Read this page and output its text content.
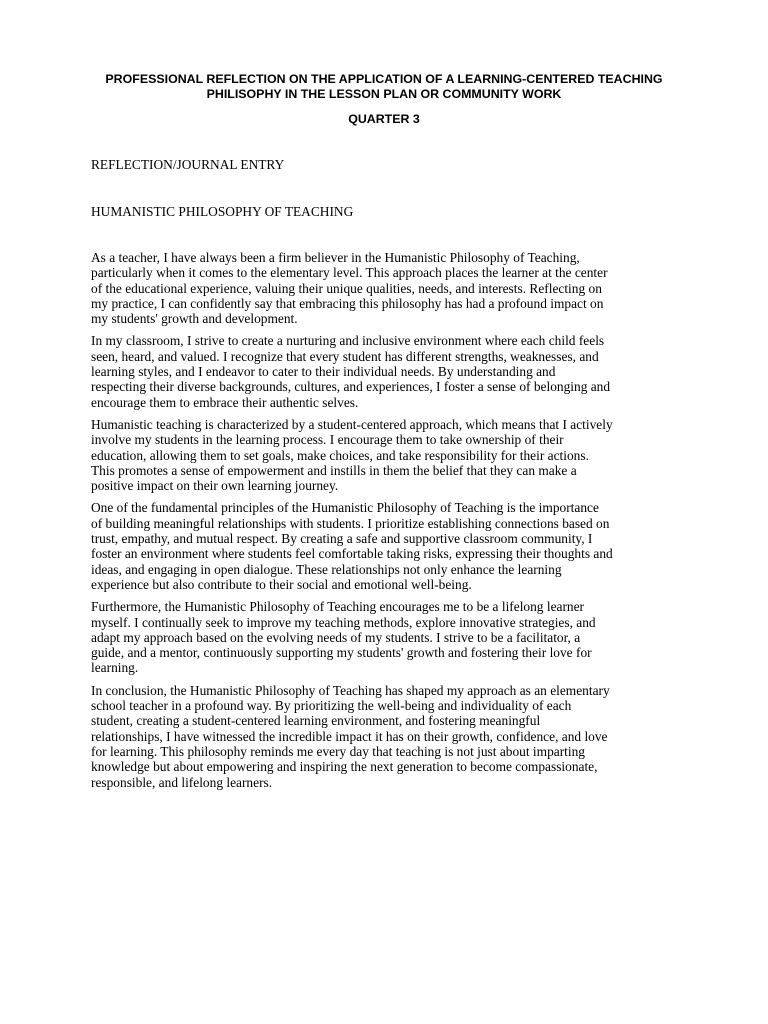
PROFESSIONAL REFLECTION ON THE APPLICATION OF A LEARNING-CENTERED TEACHING
PHILISOPHY IN THE LESSON PLAN OR COMMUNITY WORK
QUARTER 3
REFLECTION/JOURNAL ENTRY
HUMANISTIC PHILOSOPHY OF TEACHING

As a teacher, I have always been a firm believer in the Humanistic Philosophy of Teaching,
particularly when it comes to the elementary level. This approach places the learner at the center
of the educational experience, valuing their unique qualities, needs, and interests. Reflecting on
my practice, I can confidently say that embracing this philosophy has had a profound impact on
my students' growth and development.

In my classroom, I strive to create a nurturing and inclusive environment where each child feels
seen, heard, and valued. I recognize that every student has different strengths, weaknesses, and
learning styles, and I endeavor to cater to their individual needs. By understanding and
respecting their diverse backgrounds, cultures, and experiences, I foster a sense of belonging and
encourage them to embrace their authentic selves.

Humanistic teaching is characterized by a student-centered approach, which means that I actively
involve my students in the learning process. I encourage them to take ownership of their
education, allowing them to set goals, make choices, and take responsibility for their actions.
This promotes a sense of empowerment and instills in them the belief that they can make a
positive impact on their own learning journey.

One of the fundamental principles of the Humanistic Philosophy of Teaching is the importance
of building meaningful relationships with students. I prioritize establishing connections based on
trust, empathy, and mutual respect. By creating a safe and supportive classroom community, I
foster an environment where students feel comfortable taking risks, expressing their thoughts and
ideas, and engaging in open dialogue. These relationships not only enhance the learning
experience but also contribute to their social and emotional well-being.

Furthermore, the Humanistic Philosophy of Teaching encourages me to be a lifelong learner
myself. I continually seek to improve my teaching methods, explore innovative strategies, and
adapt my approach based on the evolving needs of my students. I strive to be a facilitator, a
guide, and a mentor, continuously supporting my students' growth and fostering their love for
learning.

In conclusion, the Humanistic Philosophy of Teaching has shaped my approach as an elementary
school teacher in a profound way. By prioritizing the well-being and individuality of each
student, creating a student-centered learning environment, and fostering meaningful
relationships, I have witnessed the incredible impact it has on their growth, confidence, and love
for learning. This philosophy reminds me every day that teaching is not just about imparting
knowledge but about empowering and inspiring the next generation to become compassionate,
responsible, and lifelong learners.
